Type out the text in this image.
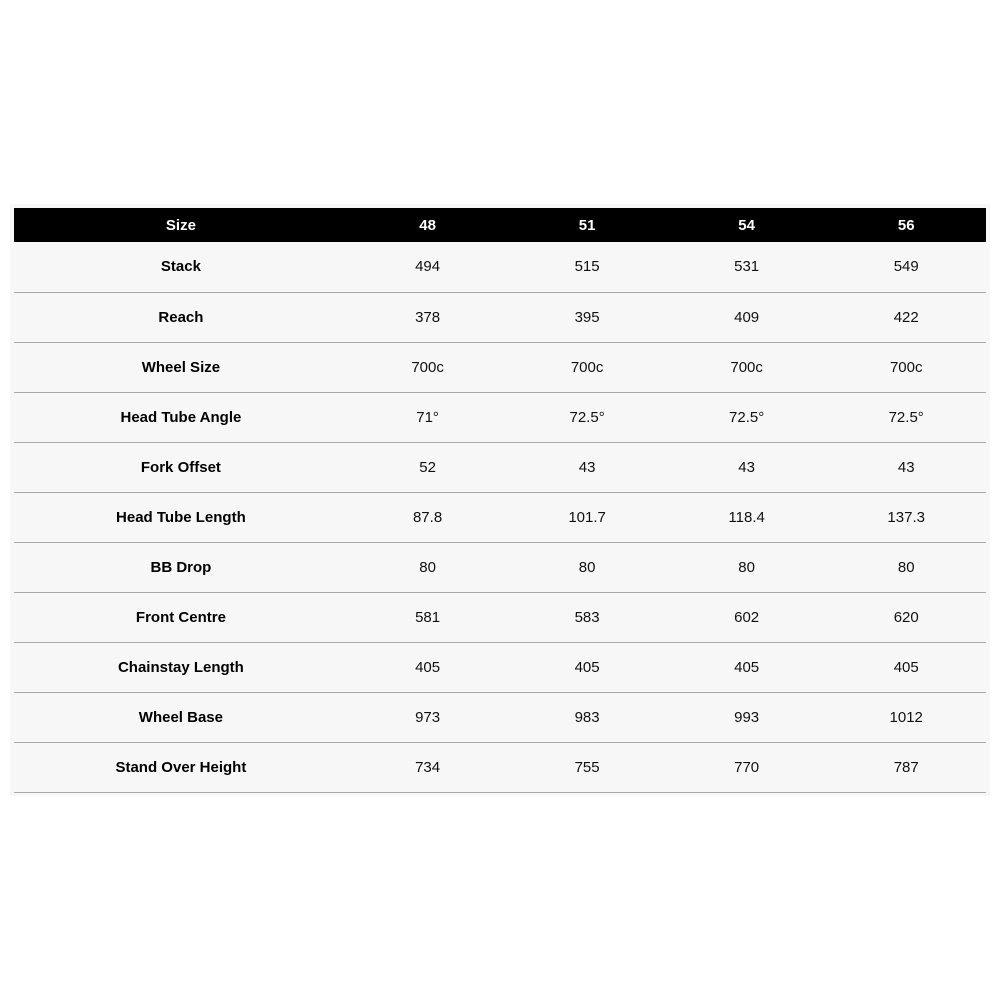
Size	48	51	54	56
Stack	494	515	531	549
Reach	378	395	409	422
Wheel Size	700c	700c	700c	700c
Head Tube Angle	71°	72.5°	72.5°	72.5°
Fork Offset	52	43	43	43
Head Tube Length	87.8	101.7	118.4	137.3
BB Drop	80	80	80	80
Front Centre	581	583	602	620
Chainstay Length	405	405	405	405
Wheel Base	973	983	993	1012
Stand Over Height	734	755	770	787
